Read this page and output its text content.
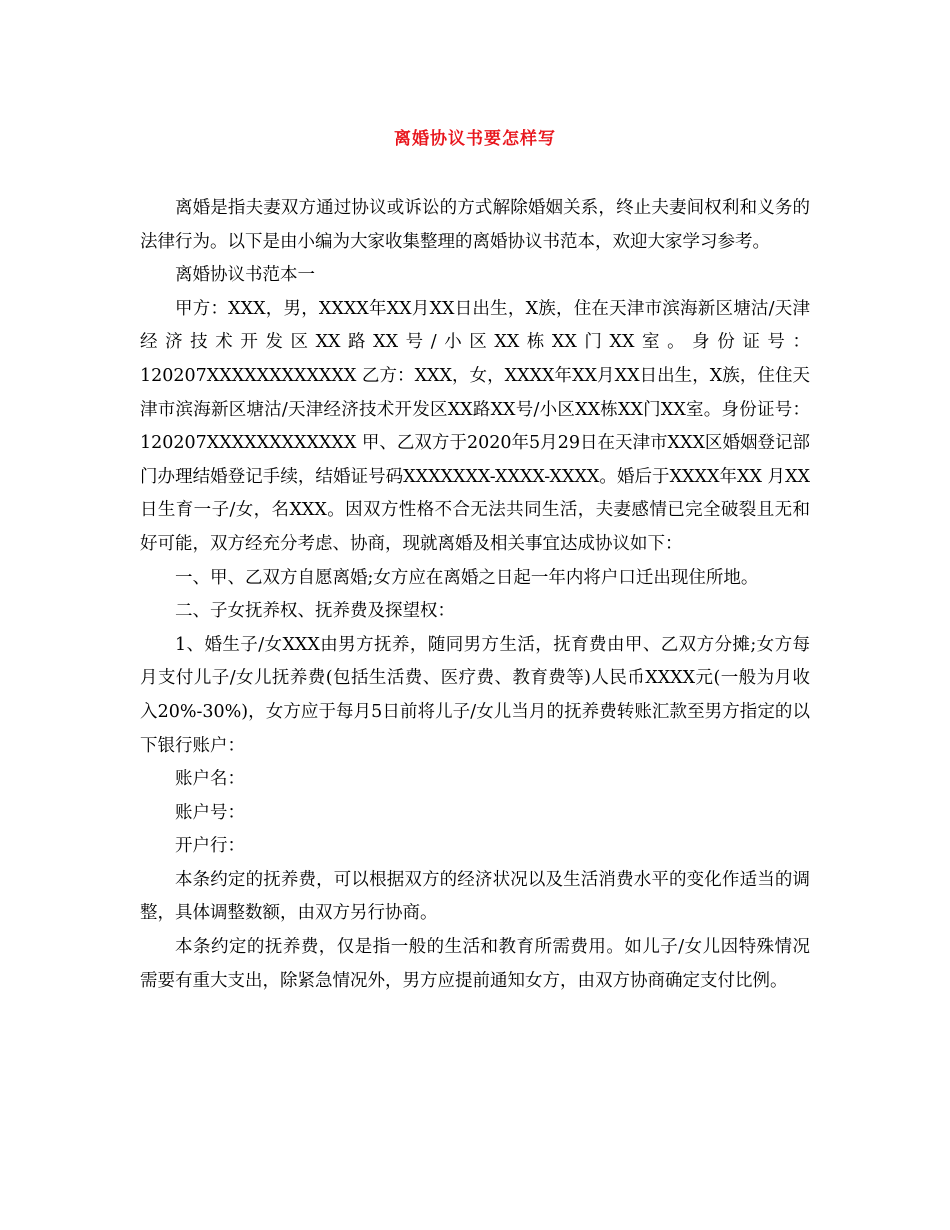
离婚协议书要怎样写

离婚是指夫妻双方通过协议或诉讼的方式解除婚姻关系，终止夫妻间权利和义务的法律行为。以下是由小编为大家收集整理的离婚协议书范本，欢迎大家学习参考。

离婚协议书范本一

甲方：XXX，男，XXXX年XX月XX日出生，X族，住在天津市滨海新区塘沽/天津经济技术开发区XX路XX号/小区XX栋XX门XX室。身份证号：120207XXXXXXXXXXXX 乙方：XXX，女，XXXX年XX月XX日出生，X族，住住天津市滨海新区塘沽/天津经济技术开发区XX路XX号/小区XX栋XX门XX室。身份证号：120207XXXXXXXXXXXX 甲、乙双方于2020年5月29日在天津市XXX区婚姻登记部门办理结婚登记手续，结婚证号码XXXXXXX-XXXX-XXXX。婚后于XXXX年XX 月XX日生育一子/女，名XXX。因双方性格不合无法共同生活，夫妻感情已完全破裂且无和好可能，双方经充分考虑、协商，现就离婚及相关事宜达成协议如下：

一、甲、乙双方自愿离婚;女方应在离婚之日起一年内将户口迁出现住所地。

二、子女抚养权、抚养费及探望权：

1、婚生子/女XXX由男方抚养，随同男方生活，抚育费由甲、乙双方分摊;女方每月支付儿子/女儿抚养费(包括生活费、医疗费、教育费等)人民币XXXX元(一般为月收入20%-30%)，女方应于每月5日前将儿子/女儿当月的抚养费转账汇款至男方指定的以下银行账户：

账户名：

账户号：

开户行：

本条约定的抚养费，可以根据双方的经济状况以及生活消费水平的变化作适当的调整，具体调整数额，由双方另行协商。

本条约定的抚养费，仅是指一般的生活和教育所需费用。如儿子/女儿因特殊情况需要有重大支出，除紧急情况外，男方应提前通知女方，由双方协商确定支付比例。
